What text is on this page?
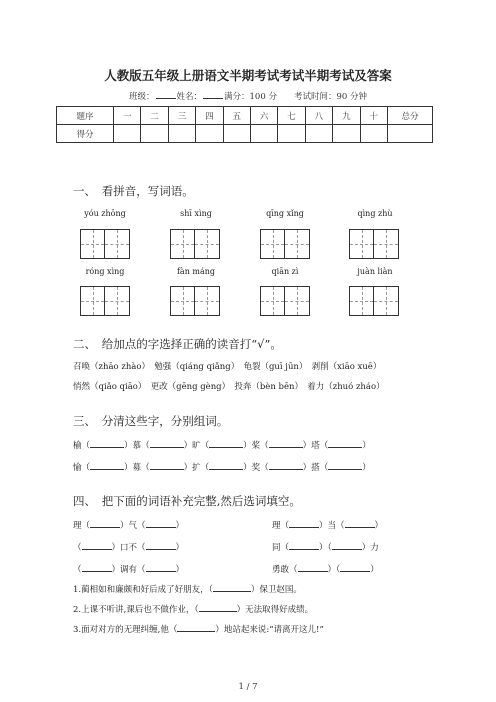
人教版五年级上册语文半期考试考试半期考试及答案
班级：	姓名：	满分：100 分　　 考试时间：90 分钟
题序	一	二	三	四	五	六	七	八	九	十	总分
得分											
一、　看拼音，写词语。
yóu zhōng	shī xìng	qīng xǐng	qìng zhù
róng xìng	fàn máng	qiān zì	juàn liàn
二、　给加点的字选择正确的读音打“√”。
召唤（zhāo zhào）　勉强（qiáng qiǎng）　龟裂（guī jūn）　剥削（xiāo xuē）
悄然（qiǎo qiāo）　更改（gēng gèng）　投奔（bèn bēn）　着力（zhuó zháo）
三、　分清这些字，分别组词。
榆（	）慕（	）旷（	）桨（	）塔（	）
愉（	）募（	）扩（	）奖（	）搭（	）
四、　把下面的词语补充完整,然后选词填空。
理（	）气（	）
（	）口不（	）
（	）调有（	）
理（	）当（	）
同（	）（	）力
勇敢（	）（	）
1.蔺相如和廉颇和好后成了好朋友，（	）保卫赵国。
2.上课不听讲,课后也不做作业，（	）无法取得好成绩。
3.面对对方的无理纠缠,他（	）地站起来说:“请离开这儿!”
1 / 7
